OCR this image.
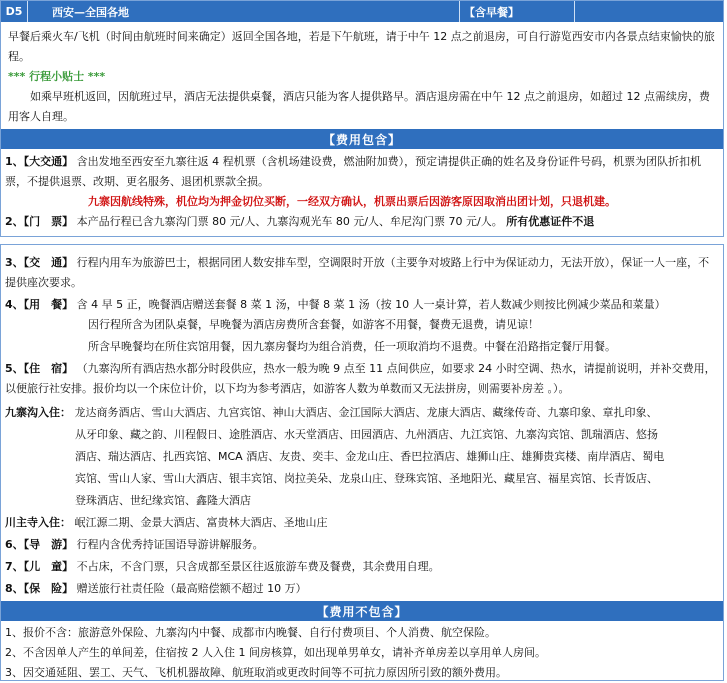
D5	西安—全国各地	【含早餐】
早餐后乘火车/飞机（时间由航班时间来确定）返回全国各地，若是下午航班，请于中午 12 点之前退房，可自行游览西安市内各景点结束愉快的旅程。
*** 行程小贴士 ***
如乘早班机返回，因航班过早，酒店无法提供桌餐，酒店只能为客人提供路早。酒店退房需在中午 12 点之前退房，如超过 12 点需续房，费用客人自理。
【费用包含】
1、【大交通】 含出发地至西安至九寨往返 4 程机票（含机场建设费，燃油附加费），预定请提供正确的姓名及身份证件号码，机票为团队折扣机票，不提供退票、改期、更名服务、退团机票款全损。
九寨因航线特殊，机位均为押金切位买断，一经双方确认，机票出票后因游客原因取消出团计划，只退机建。
2、【门　票】 本产品行程已含九寨沟门票 80 元/人、九寨沟观光车 80 元/人、牟尼沟门票 70 元/人。 所有优惠证件不退
3、【交　通】 行程内用车为旅游巴士，根据同团人数安排车型，空调限时开放（主要争对坡路上行中为保证动力，无法开放），保证一人一座，不提供座次要求。
4、【用　餐】 含 4 早 5 正，晚餐酒店赠送套餐 8 菜 1 汤，中餐 8 菜 1 汤（按 10 人一桌计算，若人数减少则按比例减少菜品和菜量）
因行程所含为团队桌餐，早晚餐为酒店房费所含套餐，如游客不用餐，餐费无退费，请见谅！
所含早晚餐均在所住宾馆用餐，因九寨房餐均为组合消费，任一项取消均不退费。中餐在沿路指定餐厅用餐。
5、【住　宿】 （九寨沟所有酒店热水都分时段供应，热水一般为晚 9 点至 11 点间供应，如要求 24 小时空调、热水，请提前说明，并补交费用，以便旅行社安排。报价均以一个床位计价，以下均为参考酒店，如游客人数为单数而又无法拼房，则需要补房差 。）。
九寨沟入住： 龙达商务酒店、雪山大酒店、九宫宾馆、神山大酒店、金江国际大酒店、龙康大酒店、藏缘传奇、九寨印象、章扎印象、
从牙印象、藏之韵、川程假日、途胜酒店、水天堂酒店、田园酒店、九州酒店、九江宾馆、九寨沟宾馆、凯瑞酒店、悠扬
酒店、瑞达酒店、扎西宾馆、MCA 酒店、友贵、奕丰、金龙山庄、香巴拉酒店、雄狮山庄、雄狮贵宾楼、南岸酒店、蜀电
宾馆、雪山人家、雪山大酒店、银丰宾馆、岗拉美朵、龙泉山庄、登珠宾馆、圣地阳光、藏星宫、福星宾馆、长青饭店、
登珠酒店、世纪缘宾馆、鑫隆大酒店
川主寺入住： 岷江源二期、金景大酒店、富贵林大酒店、圣地山庄
6、【导　游】 行程内含优秀持证国语导游讲解服务。
7、【儿　童】 不占床，不含门票，只含成都至景区往返旅游车费及餐费，其余费用自理。
8、【保　险】 赠送旅行社责任险（最高赔偿额不超过 10 万）
【费用不包含】
1、报价不含：旅游意外保险、九寨沟内中餐、成都市内晚餐、自行付费项目、个人消费、航空保险。
2、不含因单人产生的单间差，住宿按 2 人入住 1 间房核算，如出现单男单女，请补齐单房差以享用单人房间。
3、因交通延阻、罢工、天气、飞机机器故障、航班取消或更改时间等不可抗力原因所引致的额外费用。
